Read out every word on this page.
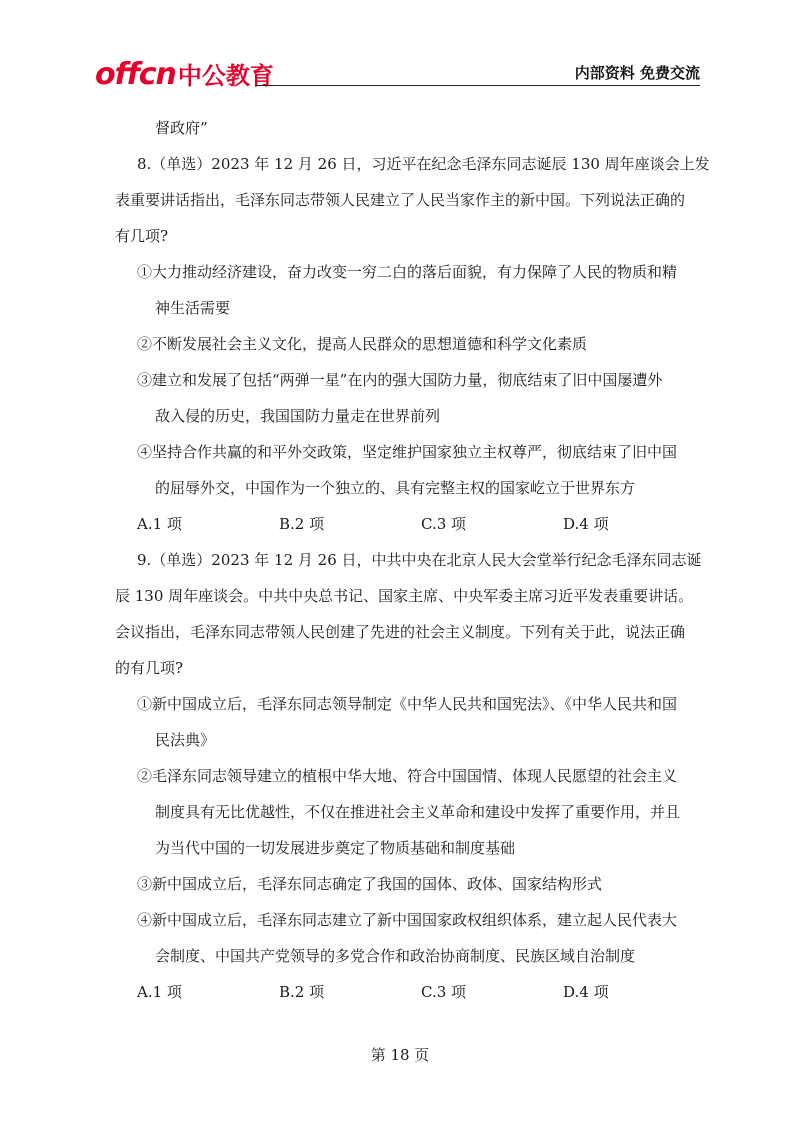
offcn 中公教育	内部资料 免费交流
督政府”
8.（单选）2023 年 12 月 26 日，习近平在纪念毛泽东同志诞辰 130 周年座谈会上发
表重要讲话指出，毛泽东同志带领人民建立了人民当家作主的新中国。下列说法正确的
有几项?
①大力推动经济建设，奋力改变一穷二白的落后面貌，有力保障了人民的物质和精
神生活需要
②不断发展社会主义文化，提高人民群众的思想道德和科学文化素质
③建立和发展了包括“两弹一星”在内的强大国防力量，彻底结束了旧中国屡遭外
敌入侵的历史，我国国防力量走在世界前列
④坚持合作共赢的和平外交政策，坚定维护国家独立主权尊严，彻底结束了旧中国
的屈辱外交，中国作为一个独立的、具有完整主权的国家屹立于世界东方
A.1 项	B.2 项	C.3 项	D.4 项
9.（单选）2023 年 12 月 26 日，中共中央在北京人民大会堂举行纪念毛泽东同志诞
辰 130 周年座谈会。中共中央总书记、国家主席、中央军委主席习近平发表重要讲话。
会议指出，毛泽东同志带领人民创建了先进的社会主义制度。下列有关于此，说法正确
的有几项?
①新中国成立后，毛泽东同志领导制定《中华人民共和国宪法》、《中华人民共和国
民法典》
②毛泽东同志领导建立的植根中华大地、符合中国国情、体现人民愿望的社会主义
制度具有无比优越性，不仅在推进社会主义革命和建设中发挥了重要作用，并且
为当代中国的一切发展进步奠定了物质基础和制度基础
③新中国成立后，毛泽东同志确定了我国的国体、政体、国家结构形式
④新中国成立后，毛泽东同志建立了新中国国家政权组织体系，建立起人民代表大
会制度、中国共产党领导的多党合作和政治协商制度、民族区域自治制度
A.1 项	B.2 项	C.3 项	D.4 项
第 18 页
